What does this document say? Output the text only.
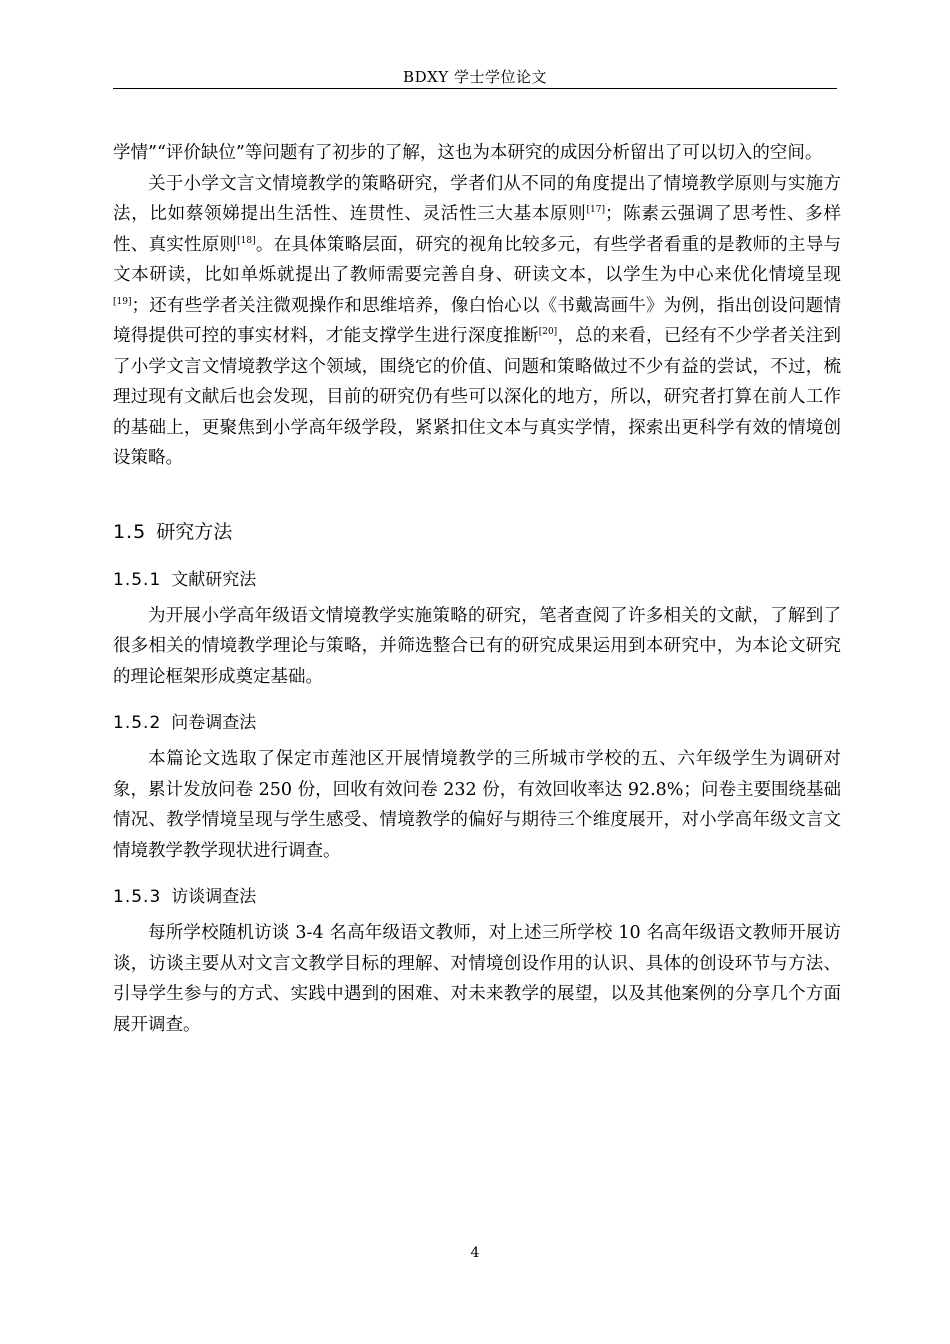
BDXY 学士学位论文

学情”“评价缺位”等问题有了初步的了解，这也为本研究的成因分析留出了可以切入的空间。

关于小学文言文情境教学的策略研究，学者们从不同的角度提出了情境教学原则与实施方法，比如蔡领娣提出生活性、连贯性、灵活性三大基本原则[17]；陈素云强调了思考性、多样性、真实性原则[18]。在具体策略层面，研究的视角比较多元，有些学者看重的是教师的主导与文本研读，比如单烁就提出了教师需要完善自身、研读文本，以学生为中心来优化情境呈现[19]；还有些学者关注微观操作和思维培养，像白怡心以《书戴嵩画牛》为例，指出创设问题情境得提供可控的事实材料，才能支撑学生进行深度推断[20]，总的来看，已经有不少学者关注到了小学文言文情境教学这个领域，围绕它的价值、问题和策略做过不少有益的尝试，不过，梳理过现有文献后也会发现，目前的研究仍有些可以深化的地方，所以，研究者打算在前人工作的基础上，更聚焦到小学高年级学段，紧紧扣住文本与真实学情，探索出更科学有效的情境创设策略。

1.5 研究方法
1.5.1 文献研究法

为开展小学高年级语文情境教学实施策略的研究，笔者查阅了许多相关的文献，了解到了很多相关的情境教学理论与策略，并筛选整合已有的研究成果运用到本研究中，为本论文研究的理论框架形成奠定基础。

1.5.2 问卷调查法

本篇论文选取了保定市莲池区开展情境教学的三所城市学校的五、六年级学生为调研对象，累计发放问卷 250 份，回收有效问卷 232 份，有效回收率达 92.8%；问卷主要围绕基础情况、教学情境呈现与学生感受、情境教学的偏好与期待三个维度展开，对小学高年级文言文情境教学教学现状进行调查。

1.5.3 访谈调查法

每所学校随机访谈 3-4 名高年级语文教师，对上述三所学校 10 名高年级语文教师开展访谈，访谈主要从对文言文教学目标的理解、对情境创设作用的认识、具体的创设环节与方法、引导学生参与的方式、实践中遇到的困难、对未来教学的展望，以及其他案例的分享几个方面展开调查。

4
